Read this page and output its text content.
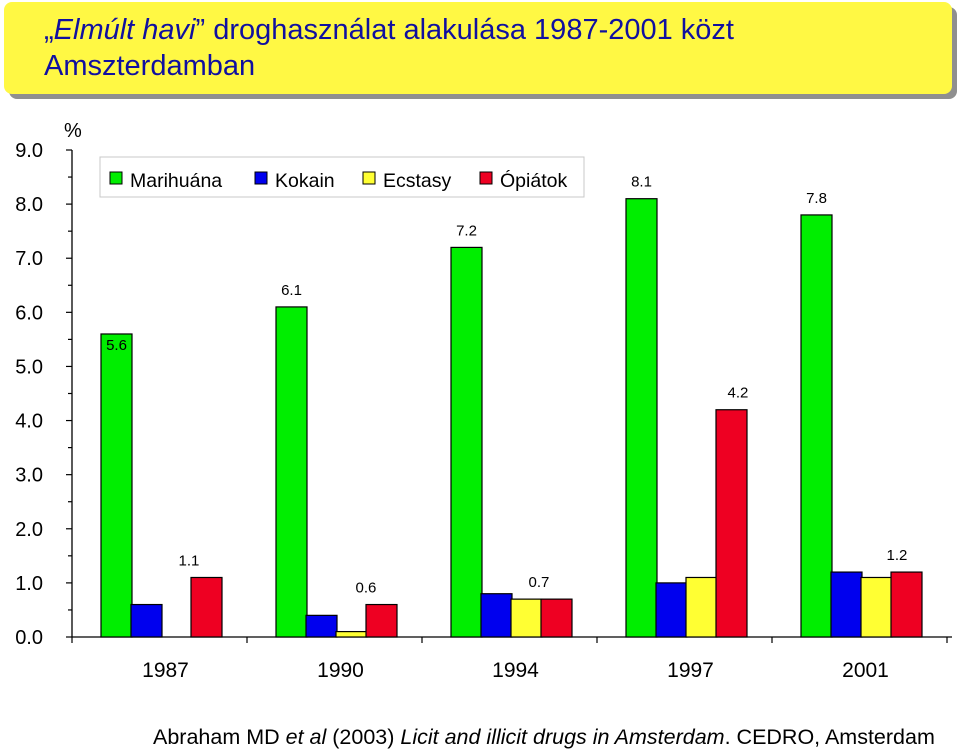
„Elmúlt havi” droghasználat alakulása 1987-2001 közt Amszterdamban
0.0
1.0
2.0
3.0
4.0
5.0
6.0
7.0
8.0
9.0
%
1987	1990	1994	1997	2001
5.6
1.1
6.1
0.6
7.2
0.7
8.1
4.2
7.8
1.2
Marihuána	Kokain Ecstasy Ópiátok
Abraham MD et al (2003) Licit and illicit drugs in Amsterdam. CEDRO, Amsterdam
